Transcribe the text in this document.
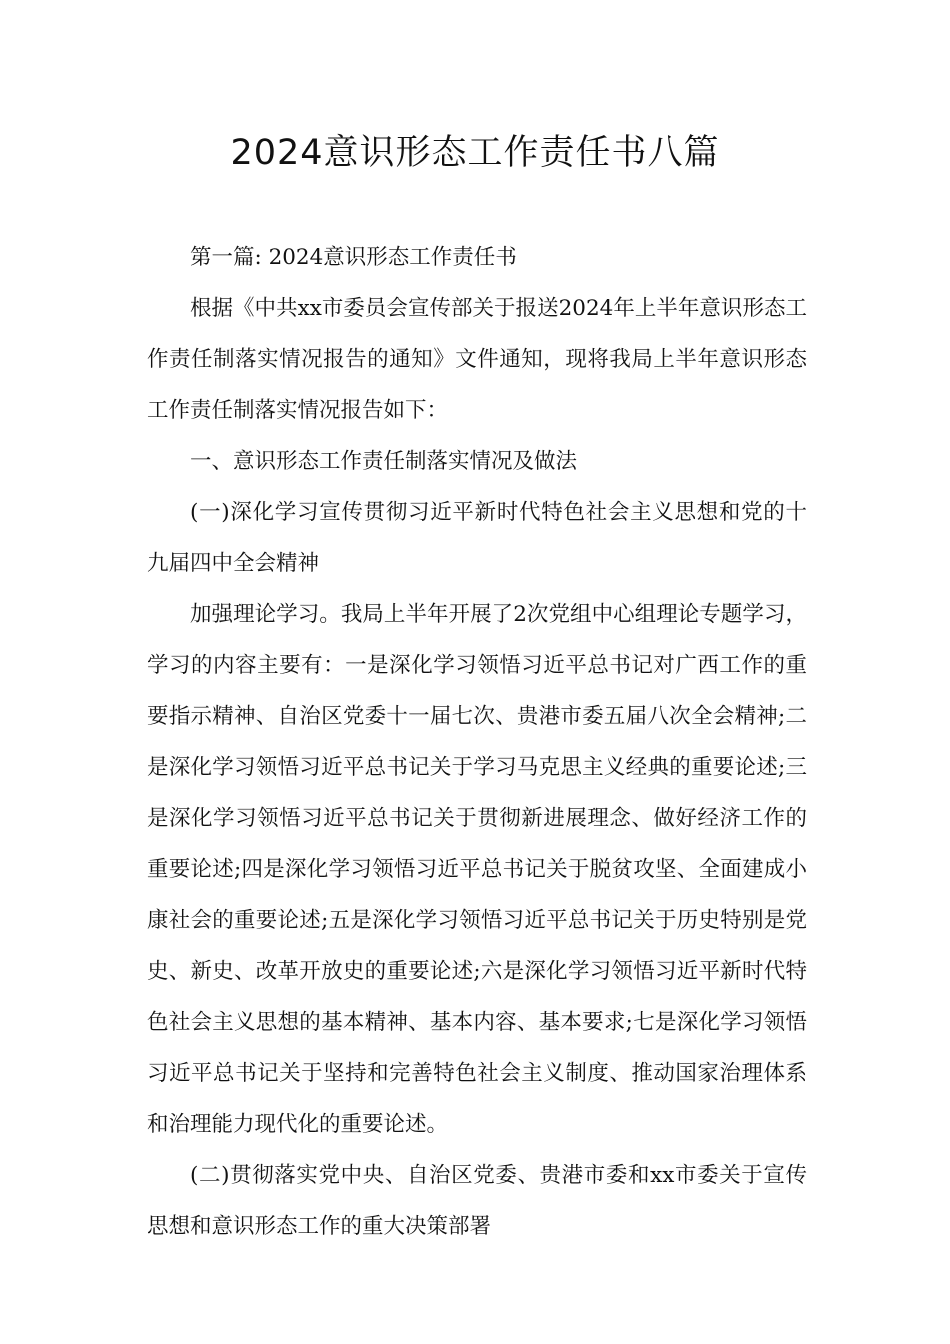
2024意识形态工作责任书八篇

第一篇: 2024意识形态工作责任书

根据《中共xx市委员会宣传部关于报送2024年上半年意识形态工作责任制落实情况报告的通知》文件通知，现将我局上半年意识形态工作责任制落实情况报告如下：

一、意识形态工作责任制落实情况及做法

(一)深化学习宣传贯彻习近平新时代特色社会主义思想和党的十九届四中全会精神

加强理论学习。我局上半年开展了2次党组中心组理论专题学习，学习的内容主要有：一是深化学习领悟习近平总书记对广西工作的重要指示精神、自治区党委十一届七次、贵港市委五届八次全会精神;二是深化学习领悟习近平总书记关于学习马克思主义经典的重要论述;三是深化学习领悟习近平总书记关于贯彻新进展理念、做好经济工作的重要论述;四是深化学习领悟习近平总书记关于脱贫攻坚、全面建成小康社会的重要论述;五是深化学习领悟习近平总书记关于历史特别是党史、新史、改革开放史的重要论述;六是深化学习领悟习近平新时代特色社会主义思想的基本精神、基本内容、基本要求;七是深化学习领悟习近平总书记关于坚持和完善特色社会主义制度、推动国家治理体系和治理能力现代化的重要论述。

(二)贯彻落实党中央、自治区党委、贵港市委和xx市委关于宣传思想和意识形态工作的重大决策部署
